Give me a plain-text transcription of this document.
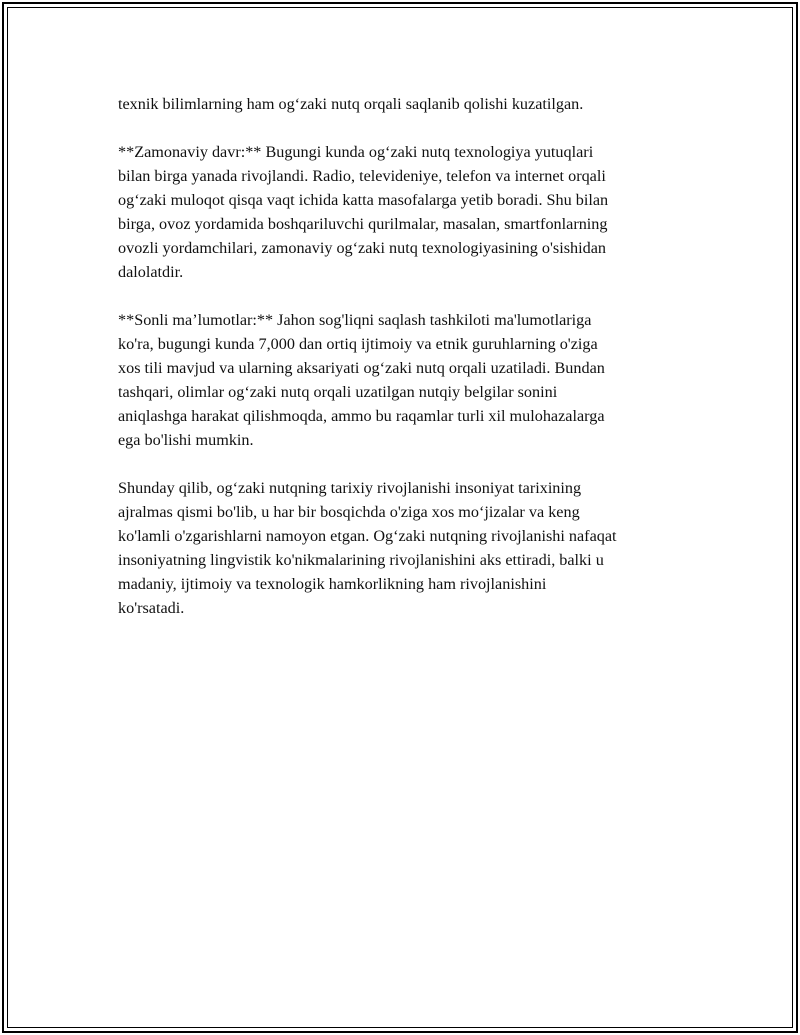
texnik bilimlarning ham og‘zaki nutq orqali saqlanib qolishi kuzatilgan.

**Zamonaviy davr:** Bugungi kunda og‘zaki nutq texnologiya yutuqlari
bilan birga yanada rivojlandi. Radio, televideniye, telefon va internet orqali
og‘zaki muloqot qisqa vaqt ichida katta masofalarga yetib boradi. Shu bilan
birga, ovoz yordamida boshqariluvchi qurilmalar, masalan, smartfonlarning
ovozli yordamchilari, zamonaviy og‘zaki nutq texnologiyasining o'sishidan
dalolatdir.

**Sonli ma’lumotlar:** Jahon sog'liqni saqlash tashkiloti ma'lumotlariga
ko'ra, bugungi kunda 7,000 dan ortiq ijtimoiy va etnik guruhlarning o'ziga
xos tili mavjud va ularning aksariyati og‘zaki nutq orqali uzatiladi. Bundan
tashqari, olimlar og‘zaki nutq orqali uzatilgan nutqiy belgilar sonini
aniqlashga harakat qilishmoqda, ammo bu raqamlar turli xil mulohazalarga
ega bo'lishi mumkin.

Shunday qilib, og‘zaki nutqning tarixiy rivojlanishi insoniyat tarixining
ajralmas qismi bo'lib, u har bir bosqichda o'ziga xos mo‘jizalar va keng
ko'lamli o'zgarishlarni namoyon etgan. Og‘zaki nutqning rivojlanishi nafaqat
insoniyatning lingvistik ko'nikmalarining rivojlanishini aks ettiradi, balki u
madaniy, ijtimoiy va texnologik hamkorlikning ham rivojlanishini
ko'rsatadi.
